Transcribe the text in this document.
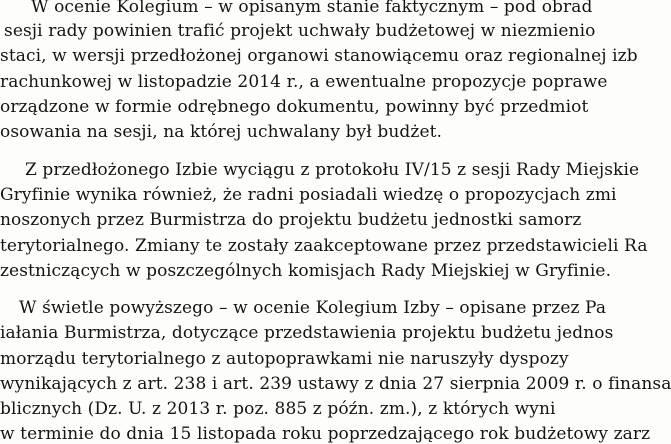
W ocenie Kolegium – w opisanym stanie faktycznym – pod obrad
sesji rady powinien trafić projekt uchwały budżetowej w niezmienio
staci, w wersji przedłożonej organowi stanowiącemu oraz regionalnej izb
rachunkowej w listopadzie 2014 r., a ewentualne propozycje poprawe
orządzone w formie odrębnego dokumentu, powinny być przedmiot
osowania na sesji, na której uchwalany był budżet.
Z przedłożonego Izbie wyciągu z protokołu IV/15 z sesji Rady Miejskie
Gryfinie wynika również, że radni posiadali wiedzę o propozycjach zmi
noszonych przez Burmistrza do projektu budżetu jednostki samorz
terytorialnego. Zmiany te zostały zaakceptowane przez przedstawicieli Ra
zestniczących w poszczególnych komisjach Rady Miejskiej w Gryfinie.
W świetle powyższego – w ocenie Kolegium Izby – opisane przez Pa
iałania Burmistrza, dotyczące przedstawienia projektu budżetu jednos
morządu terytorialnego z autopoprawkami nie naruszyły dyspozy
wynikających z art. 238 i art. 239 ustawy z dnia 27 sierpnia 2009 r. o finansa
blicznych (Dz. U. z 2013 r. poz. 885 z późn. zm.), z których wyni
w terminie do dnia 15 listopada roku poprzedzającego rok budżetowy zarz
